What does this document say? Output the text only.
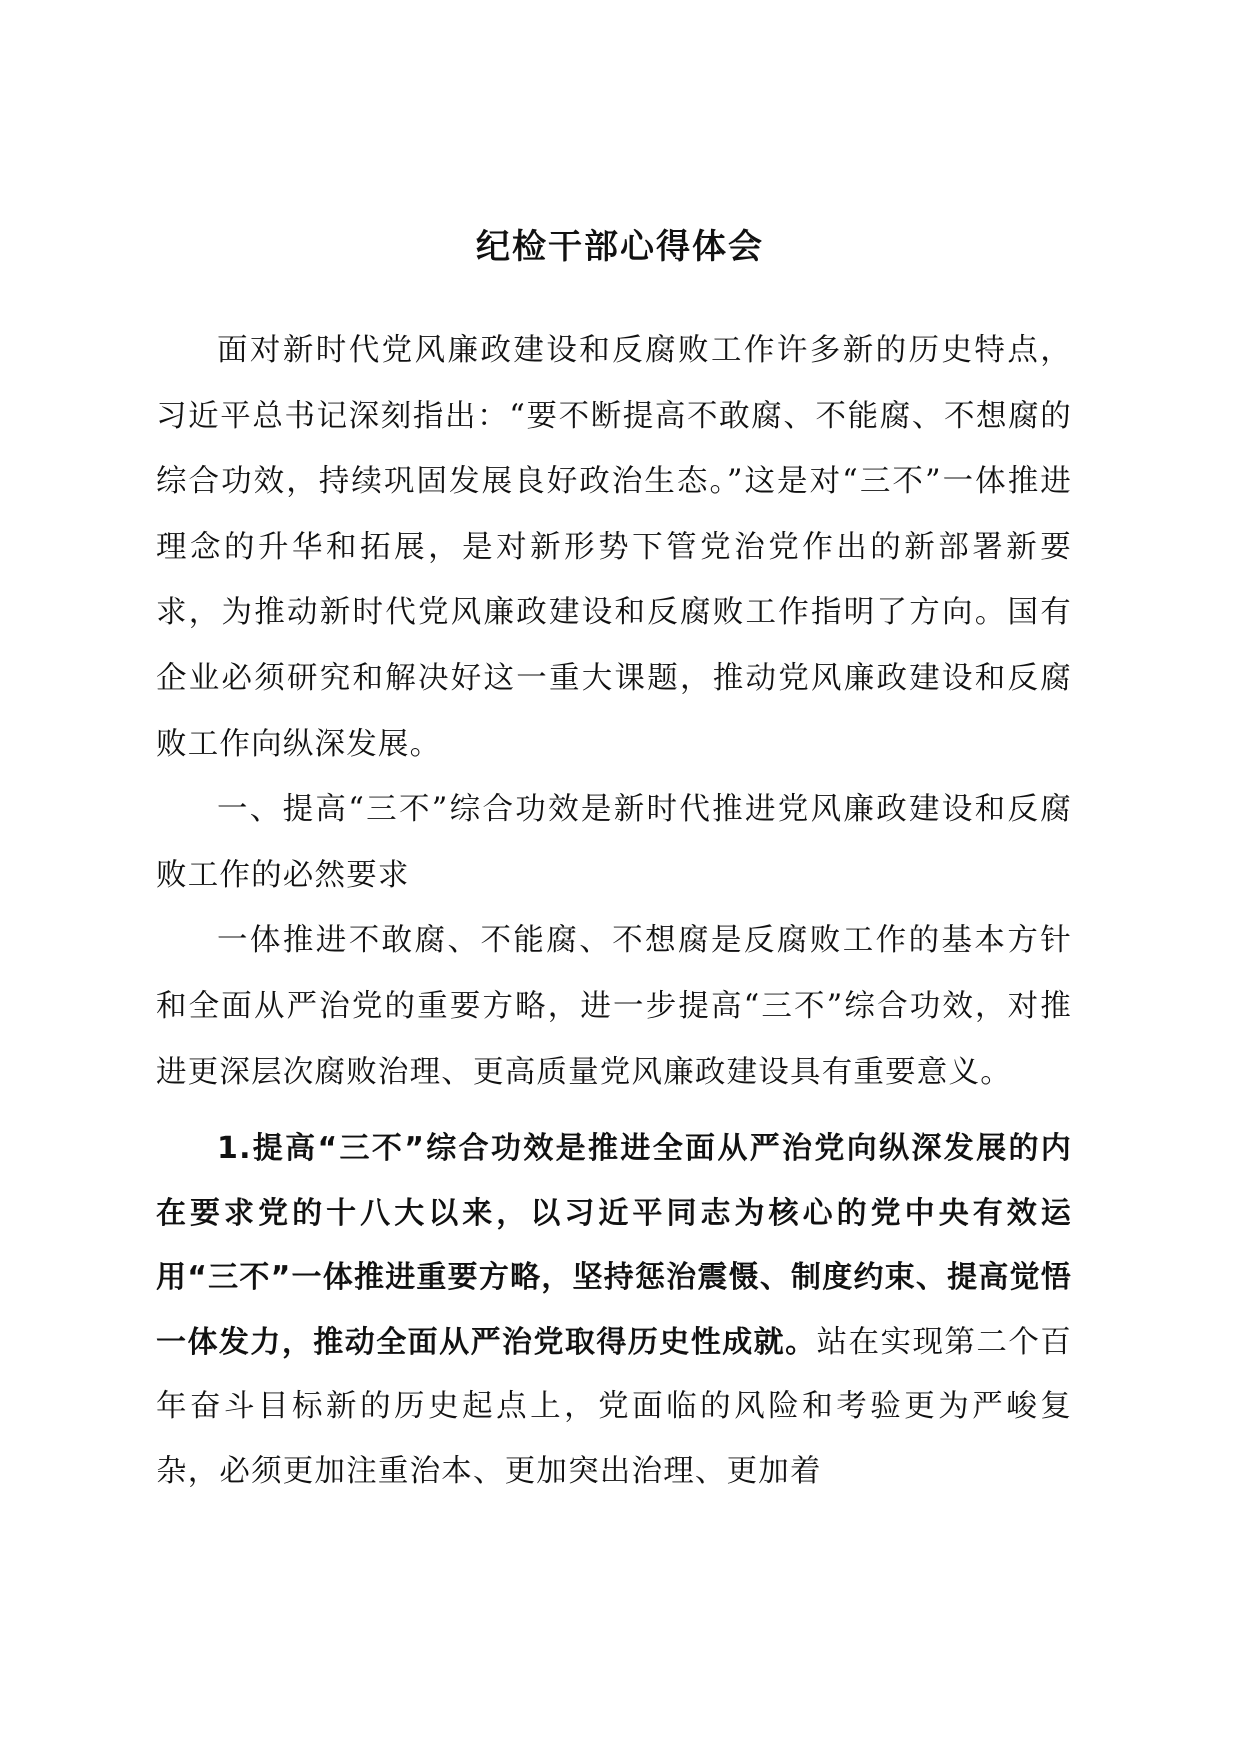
纪检干部心得体会

面对新时代党风廉政建设和反腐败工作许多新的历史特点，习近平总书记深刻指出：“要不断提高不敢腐、不能腐、不想腐的综合功效，持续巩固发展良好政治生态。”这是对“三不”一体推进理念的升华和拓展，是对新形势下管党治党作出的新部署新要求，为推动新时代党风廉政建设和反腐败工作指明了方向。国有企业必须研究和解决好这一重大课题，推动党风廉政建设和反腐败工作向纵深发展。

一、提高“三不”综合功效是新时代推进党风廉政建设和反腐败工作的必然要求

一体推进不敢腐、不能腐、不想腐是反腐败工作的基本方针和全面从严治党的重要方略，进一步提高“三不”综合功效，对推进更深层次腐败治理、更高质量党风廉政建设具有重要意义。

1.提高“三不”综合功效是推进全面从严治党向纵深发展的内在要求党的十八大以来，以习近平同志为核心的党中央有效运用“三不”一体推进重要方略，坚持惩治震慑、制度约束、提高觉悟一体发力，推动全面从严治党取得历史性成就。站在实现第二个百年奋斗目标新的历史起点上，党面临的风险和考验更为严峻复杂，必须更加注重治本、更加突出治理、更加着
